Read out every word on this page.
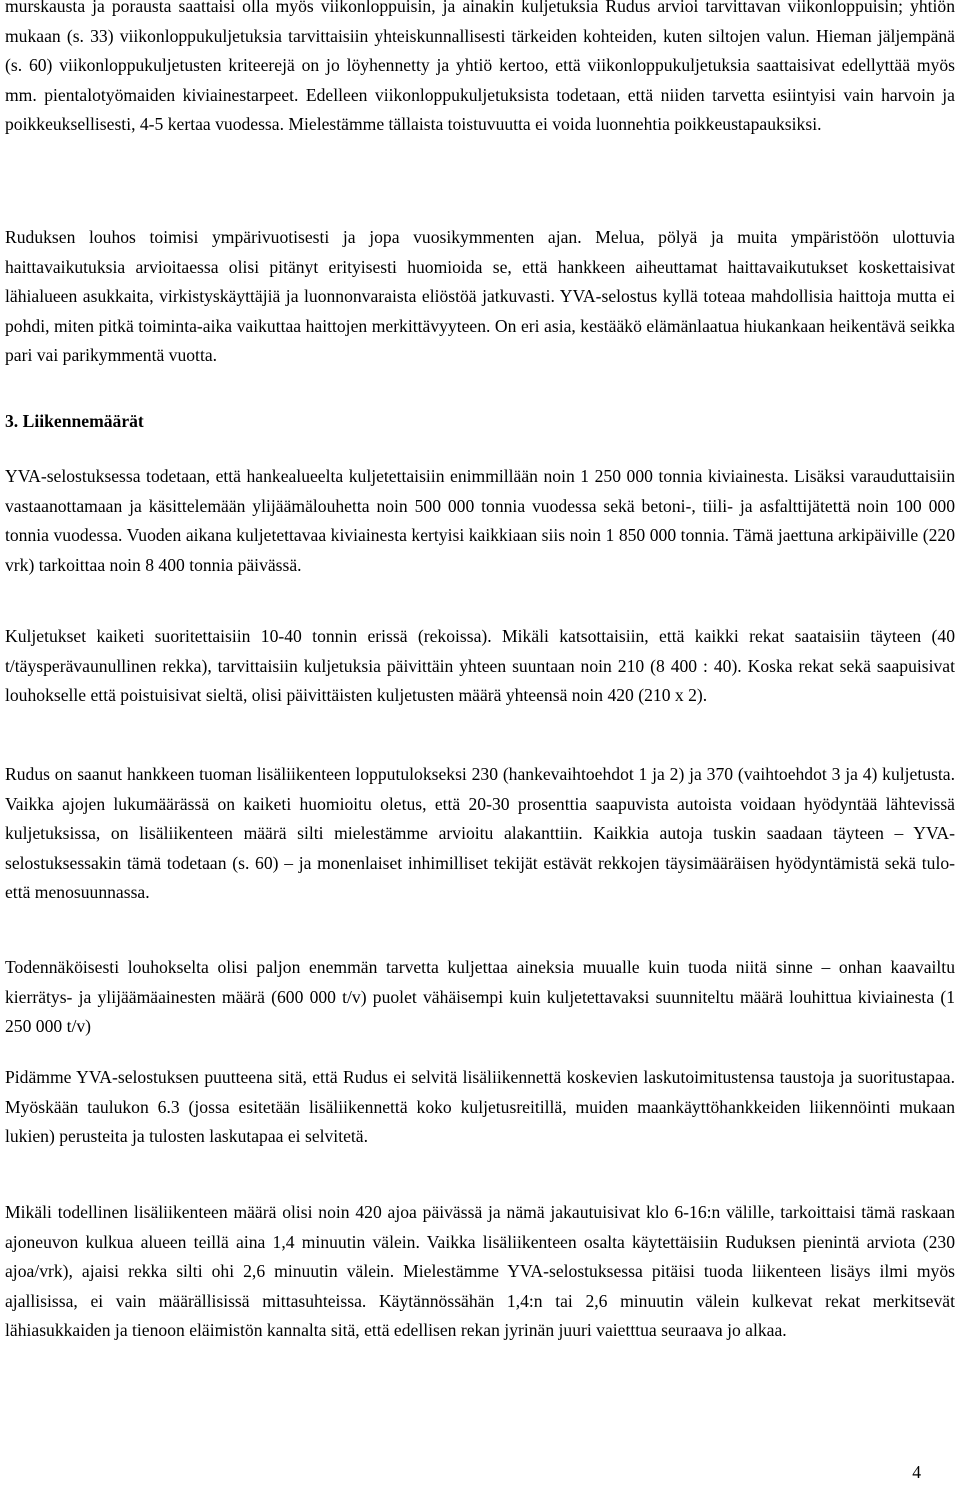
murskausta ja porausta saattaisi olla myös viikonloppuisin, ja ainakin kuljetuksia Rudus arvioi tarvittavan viikonloppuisin; yhtiön mukaan (s. 33) viikonloppukuljetuksia tarvittaisiin yhteiskunnallisesti tärkeiden kohteiden, kuten siltojen valun. Hieman jäljempänä (s. 60) viikonloppukuljetusten kriteerejä on jo löyhennetty ja yhtiö kertoo, että viikonloppukuljetuksia saattaisivat edellyttää myös mm. pientalotyömaiden kiviainestarpeet. Edelleen viikonloppukuljetuksista todetaan, että niiden tarvetta esiintyisi vain harvoin ja poikkeuksellisesti, 4-5 kertaa vuodessa. Mielestämme tällaista toistuvuutta ei voida luonnehtia poikkeustapauksiksi.

Ruduksen louhos toimisi ympärivuotisesti ja jopa vuosikymmenten ajan. Melua, pölyä ja muita ympäristöön ulottuvia haittavaikutuksia arvioitaessa olisi pitänyt erityisesti huomioida se, että hankkeen aiheuttamat haittavaikutukset koskettaisivat lähialueen asukkaita, virkistyskäyttäjiä ja luonnonvaraista eliöstöä jatkuvasti. YVA-selostus kyllä toteaa mahdollisia haittoja mutta ei pohdi, miten pitkä toiminta-aika vaikuttaa haittojen merkittävyyteen. On eri asia, kestääkö elämänlaatua hiukankaan heikentävä seikka pari vai parikymmentä vuotta.

3. Liikennemäärät

YVA-selostuksessa todetaan, että hankealueelta kuljetettaisiin enimmillään noin 1 250 000 tonnia kiviainesta. Lisäksi varauduttaisiin vastaanottamaan ja käsittelemään ylijäämälouhetta noin 500 000 tonnia vuodessa sekä betoni-, tiili- ja asfalttijätettä noin 100 000 tonnia vuodessa. Vuoden aikana kuljetettavaa kiviainesta kertyisi kaikkiaan siis noin 1 850 000 tonnia. Tämä jaettuna arkipäiville (220 vrk) tarkoittaa noin 8 400 tonnia päivässä.

Kuljetukset kaiketi suoritettaisiin 10-40 tonnin erissä (rekoissa). Mikäli katsottaisiin, että kaikki rekat saataisiin täyteen (40 t/täysperävaunullinen rekka), tarvittaisiin kuljetuksia päivittäin yhteen suuntaan noin 210 (8 400 : 40). Koska rekat sekä saapuisivat louhokselle että poistuisivat sieltä, olisi päivittäisten kuljetusten määrä yhteensä noin 420 (210 x 2).

Rudus on saanut hankkeen tuoman lisäliikenteen lopputulokseksi 230 (hankevaihtoehdot 1 ja 2) ja 370 (vaihtoehdot 3 ja 4) kuljetusta. Vaikka ajojen lukumäärässä on kaiketi huomioitu oletus, että 20-30 prosenttia saapuvista autoista voidaan hyödyntää lähtevissä kuljetuksissa, on lisäliikenteen määrä silti mielestämme arvioitu alakanttiin. Kaikkia autoja tuskin saadaan täyteen – YVA-selostuksessakin tämä todetaan (s. 60) – ja monenlaiset inhimilliset tekijät estävät rekkojen täysimääräisen hyödyntämistä sekä tulo- että menosuunnassa.

Todennäköisesti louhokselta olisi paljon enemmän tarvetta kuljettaa aineksia muualle kuin tuoda niitä sinne – onhan kaavailtu kierrätys- ja ylijäämäainesten määrä (600 000 t/v) puolet vähäisempi kuin kuljetettavaksi suunniteltu määrä louhittua kiviainesta (1 250 000 t/v)

Pidämme YVA-selostuksen puutteena sitä, että Rudus ei selvitä lisäliikennettä koskevien laskutoimitustensa taustoja ja suoritustapaa. Myöskään taulukon 6.3 (jossa esitetään lisäliikennettä koko kuljetusreitillä, muiden maankäyttöhankkeiden liikennöinti mukaan lukien) perusteita ja tulosten laskutapaa ei selvitetä.

Mikäli todellinen lisäliikenteen määrä olisi noin 420 ajoa päivässä ja nämä jakautuisivat klo 6-16:n välille, tarkoittaisi tämä raskaan ajoneuvon kulkua alueen teillä aina 1,4 minuutin välein. Vaikka lisäliikenteen osalta käytettäisiin Ruduksen pienintä arviota (230 ajoa/vrk), ajaisi rekka silti ohi 2,6 minuutin välein. Mielestämme YVA-selostuksessa pitäisi tuoda liikenteen lisäys ilmi myös ajallisissa, ei vain määrällisissä mittasuhteissa. Käytännössähän 1,4:n tai 2,6 minuutin välein kulkevat rekat merkitsevät lähiasukkaiden ja tienoon eläimistön kannalta sitä, että edellisen rekan jyrinän juuri vaietttua seuraava jo alkaa.

4
